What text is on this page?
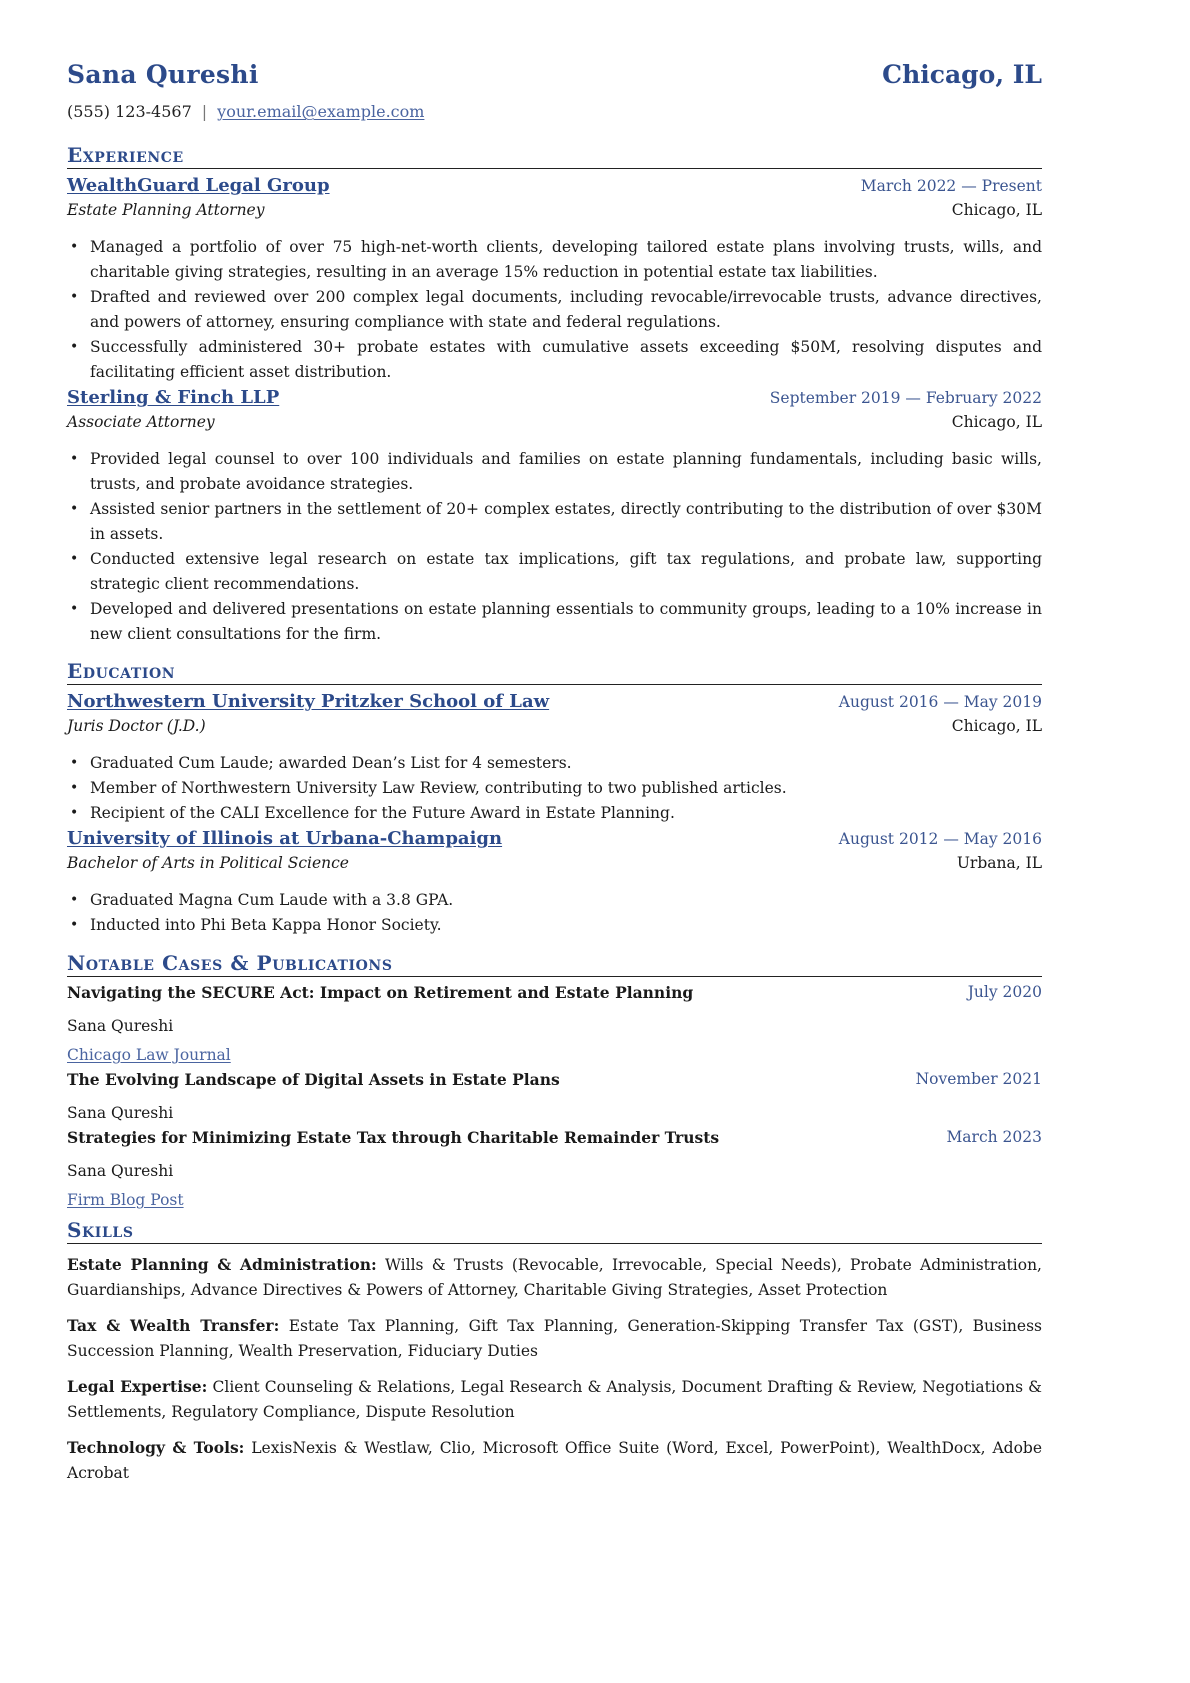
Sana Qureshi	Chicago, IL
(555) 123-4567 | your.email@example.com
Experience
WealthGuard Legal Group	March 2022 — Present
Estate Planning Attorney	Chicago, IL
• Managed a portfolio of over 75 high-net-worth clients, developing tailored estate plans involving trusts, wills, and charitable giving strategies, resulting in an average 15% reduction in potential estate tax liabilities.
• Drafted and reviewed over 200 complex legal documents, including revocable/irrevocable trusts, advance directives, and powers of attorney, ensuring compliance with state and federal regulations.
• Successfully administered 30+ probate estates with cumulative assets exceeding $50M, resolving disputes and facilitating efficient asset distribution.
Sterling & Finch LLP	September 2019 — February 2022
Associate Attorney	Chicago, IL
• Provided legal counsel to over 100 individuals and families on estate planning fundamentals, including basic wills, trusts, and probate avoidance strategies.
• Assisted senior partners in the settlement of 20+ complex estates, directly contributing to the distribution of over $30M in assets.
• Conducted extensive legal research on estate tax implications, gift tax regulations, and probate law, supporting strategic client recommendations.
• Developed and delivered presentations on estate planning essentials to community groups, leading to a 10% increase in new client consultations for the firm.
Education
Northwestern University Pritzker School of Law	August 2016 — May 2019
Juris Doctor (J.D.)	Chicago, IL
• Graduated Cum Laude; awarded Dean’s List for 4 semesters.
• Member of Northwestern University Law Review, contributing to two published articles.
• Recipient of the CALI Excellence for the Future Award in Estate Planning.
University of Illinois at Urbana-Champaign	August 2012 — May 2016
Bachelor of Arts in Political Science	Urbana, IL
• Graduated Magna Cum Laude with a 3.8 GPA.
• Inducted into Phi Beta Kappa Honor Society.
Notable Cases & Publications
Navigating the SECURE Act: Impact on Retirement and Estate Planning	July 2020
Sana Qureshi
Chicago Law Journal
The Evolving Landscape of Digital Assets in Estate Plans	November 2021
Sana Qureshi
Strategies for Minimizing Estate Tax through Charitable Remainder Trusts	March 2023
Sana Qureshi
Firm Blog Post
Skills
Estate Planning & Administration: Wills & Trusts (Revocable, Irrevocable, Special Needs), Probate Administration, Guardianships, Advance Directives & Powers of Attorney, Charitable Giving Strategies, Asset Protection
Tax & Wealth Transfer: Estate Tax Planning, Gift Tax Planning, Generation-Skipping Transfer Tax (GST), Business Succession Planning, Wealth Preservation, Fiduciary Duties
Legal Expertise: Client Counseling & Relations, Legal Research & Analysis, Document Drafting & Review, Negotiations & Settlements, Regulatory Compliance, Dispute Resolution
Technology & Tools: LexisNexis & Westlaw, Clio, Microsoft Office Suite (Word, Excel, PowerPoint), WealthDocx, Adobe Acrobat
